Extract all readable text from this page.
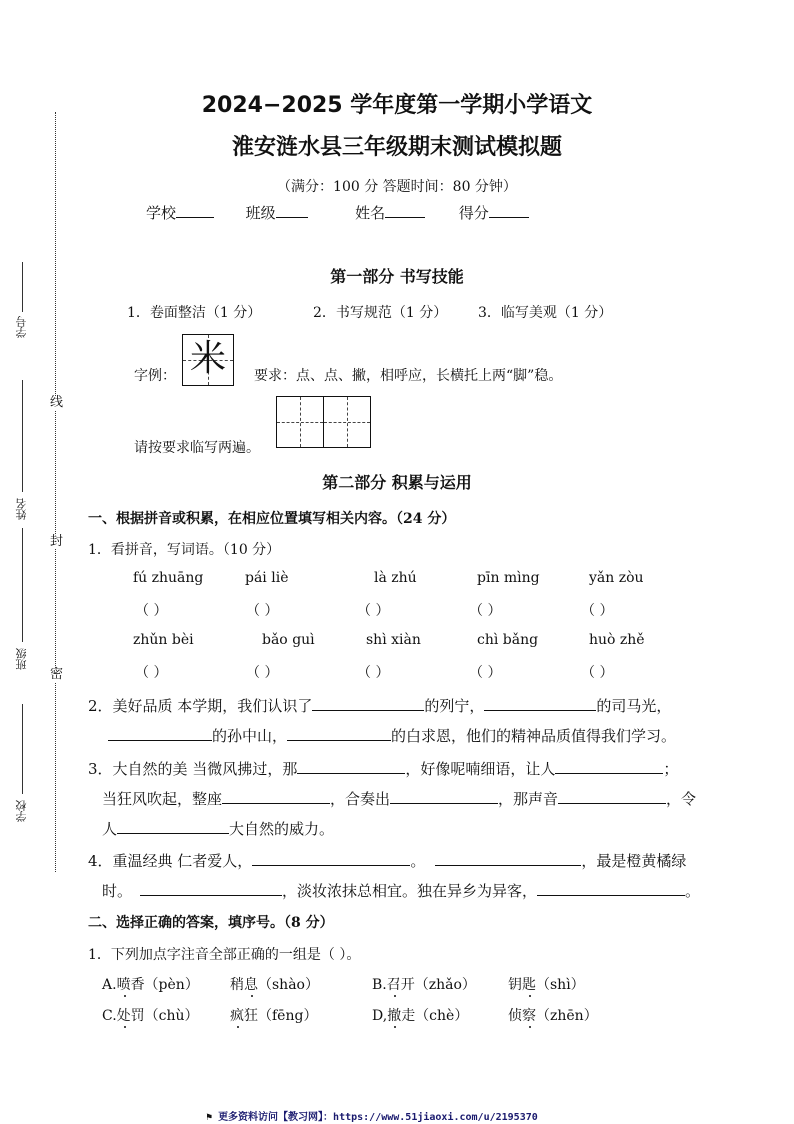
线
封
密
学号
姓名
班级
学校
2024−2025 学年度第一学期小学语文
淮安涟水县三年级期末测试模拟题
（满分：100 分 答题时间：80 分钟）
学校	班级	姓名	得分
第一部分 书写技能
1．卷面整洁（1 分）	2．书写规范（1 分） 3．临写美观（1 分）
字例： 米	要求：点、点、撇，相呼应，长横托上两“脚”稳。
请按要求临写两遍。
第二部分 积累与运用
一、根据拼音或积累，在相应位置填写相关内容。（24 分）
1．看拼音，写词语。（10 分）
fú zhuāng	pái liè	là zhú	pīn mìng	yǎn zòu
（ ）	（ ）	（ ）	（ ）	（ ）
zhǔn bèi	bǎo guì	shì xiàn	chì bǎng	huò zhě
（ ）	（ ）	（ ）	（ ）	（ ）
2．美好品质 本学期，我们认识了	的列宁，	的司马光，
的孙中山，	的白求恩，他们的精神品质值得我们学习。
3．大自然的美 当微风拂过，那	，好像呢喃细语，让人	；
当狂风吹起，整座	，合奏出	，那声音	，令
人	大自然的威力。
4．重温经典 仁者爱人，	。	，最是橙黄橘绿
时。	，淡妆浓抹总相宜。独在异乡为异客，	。
二、选择正确的答案，填序号。（8 分）
1．下列加点字注音全部正确的一组是（ ）。
A.喷香（pèn） 稍息（shào）	B.召开（zhǎo） 钥匙（shì）
C.处罚（chù） 疯狂（fēng）	D,撤走（chè）	侦察（zhēn）
⚑ 更多资料访问【教习网】：https://www.51jiaoxi.com/u/2195370
